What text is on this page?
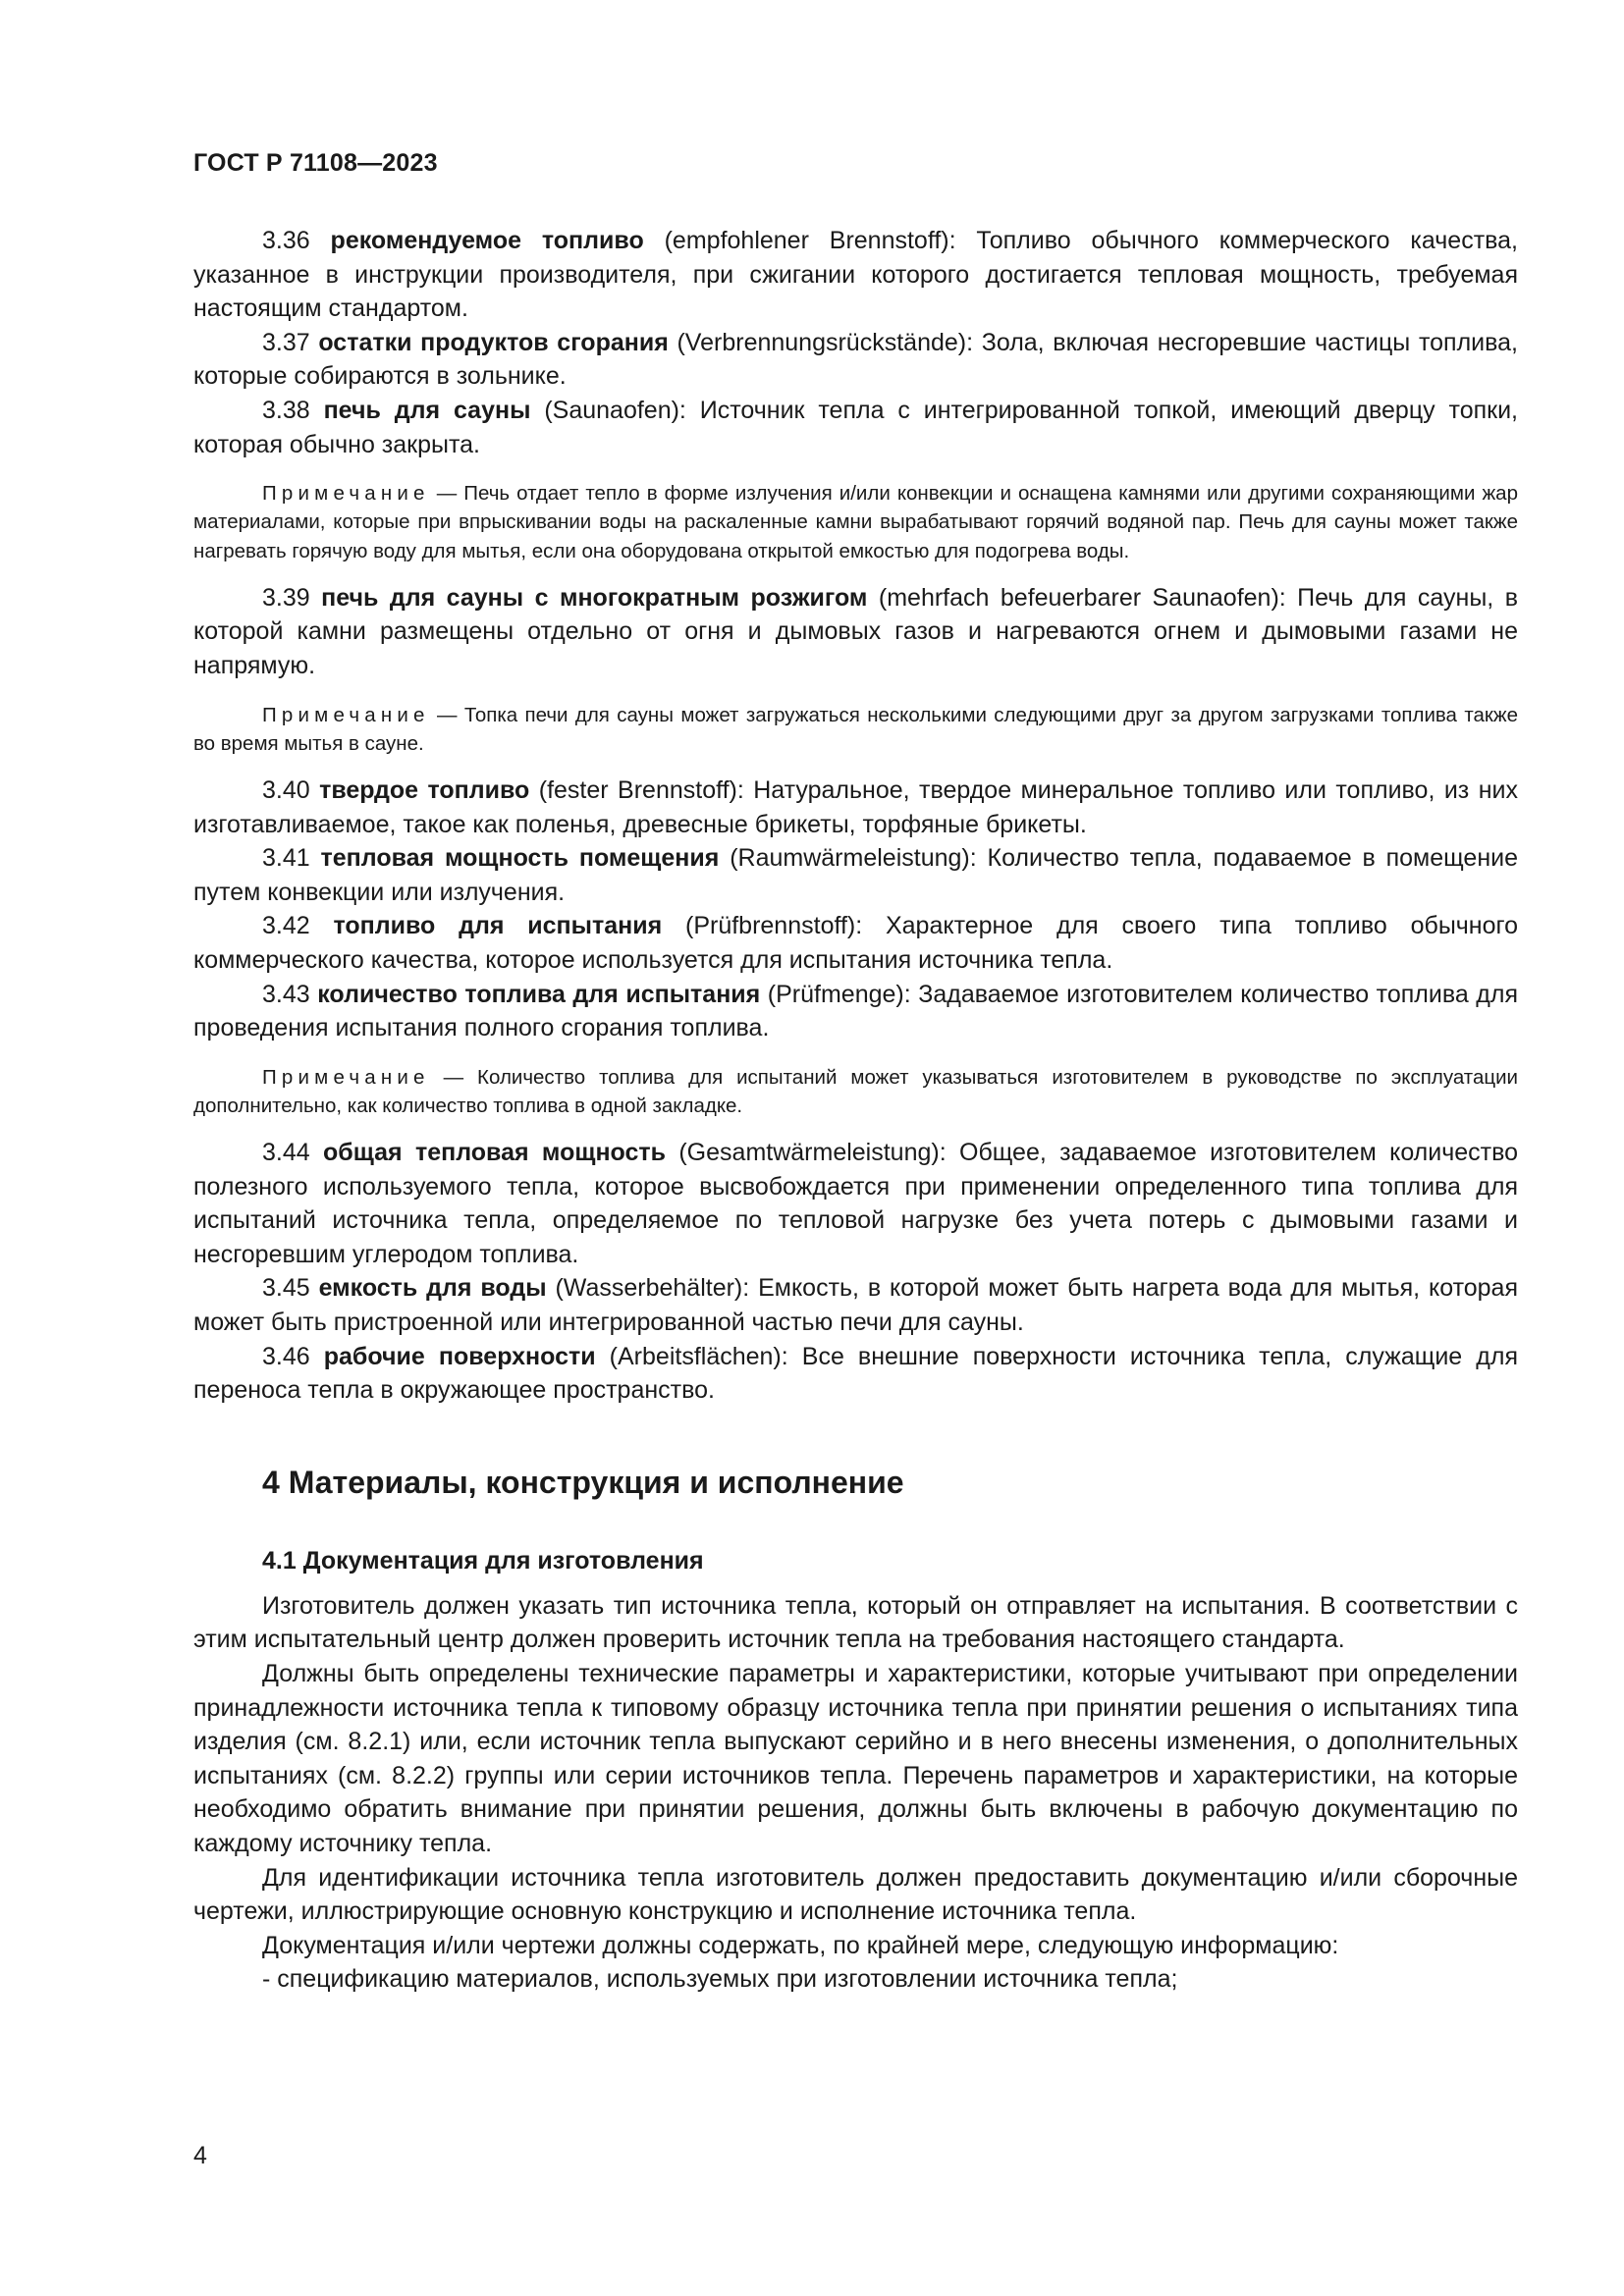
ГОСТ Р 71108—2023

3.36 рекомендуемое топливо (empfohlener Brennstoff): Топливо обычного коммерческого качества, указанное в инструкции производителя, при сжигании которого достигается тепловая мощность, требуемая настоящим стандартом.

3.37 остатки продуктов сгорания (Verbrennungsrückstände): Зола, включая несгоревшие частицы топлива, которые собираются в зольнике.

3.38 печь для сауны (Saunaofen): Источник тепла с интегрированной топкой, имеющий дверцу топки, которая обычно закрыта.

Примечание — Печь отдает тепло в форме излучения и/или конвекции и оснащена камнями или другими сохраняющими жар материалами, которые при впрыскивании воды на раскаленные камни вырабатывают горячий водяной пар. Печь для сауны может также нагревать горячую воду для мытья, если она оборудована открытой емкостью для подогрева воды.

3.39 печь для сауны с многократным розжигом (mehrfach befeuerbarer Saunaofen): Печь для сауны, в которой камни размещены отдельно от огня и дымовых газов и нагреваются огнем и дымовыми газами не напрямую.

Примечание — Топка печи для сауны может загружаться несколькими следующими друг за другом загрузками топлива также во время мытья в сауне.

3.40 твердое топливо (fester Brennstoff): Натуральное, твердое минеральное топливо или топливо, из них изготавливаемое, такое как поленья, древесные брикеты, торфяные брикеты.

3.41 тепловая мощность помещения (Raumwärmeleistung): Количество тепла, подаваемое в помещение путем конвекции или излучения.

3.42 топливо для испытания (Prüfbrennstoff): Характерное для своего типа топливо обычного коммерческого качества, которое используется для испытания источника тепла.

3.43 количество топлива для испытания (Prüfmenge): Задаваемое изготовителем количество топлива для проведения испытания полного сгорания топлива.

Примечание — Количество топлива для испытаний может указываться изготовителем в руководстве по эксплуатации дополнительно, как количество топлива в одной закладке.

3.44 общая тепловая мощность (Gesamtwärmeleistung): Общее, задаваемое изготовителем количество полезного используемого тепла, которое высвобождается при применении определенного типа топлива для испытаний источника тепла, определяемое по тепловой нагрузке без учета потерь с дымовыми газами и несгоревшим углеродом топлива.

3.45 емкость для воды (Wasserbehälter): Емкость, в которой может быть нагрета вода для мытья, которая может быть пристроенной или интегрированной частью печи для сауны.

3.46 рабочие поверхности (Arbeitsflächen): Все внешние поверхности источника тепла, служащие для переноса тепла в окружающее пространство.

4 Материалы, конструкция и исполнение
4.1 Документация для изготовления

Изготовитель должен указать тип источника тепла, который он отправляет на испытания. В соответствии с этим испытательный центр должен проверить источник тепла на требования настоящего стандарта.

Должны быть определены технические параметры и характеристики, которые учитывают при определении принадлежности источника тепла к типовому образцу источника тепла при принятии решения о испытаниях типа изделия (см. 8.2.1) или, если источник тепла выпускают серийно и в него внесены изменения, о дополнительных испытаниях (см. 8.2.2) группы или серии источников тепла. Перечень параметров и характеристики, на которые необходимо обратить внимание при принятии решения, должны быть включены в рабочую документацию по каждому источнику тепла.

Для идентификации источника тепла изготовитель должен предоставить документацию и/или сборочные чертежи, иллюстрирующие основную конструкцию и исполнение источника тепла.

Документация и/или чертежи должны содержать, по крайней мере, следующую информацию:

- спецификацию материалов, используемых при изготовлении источника тепла;

4
